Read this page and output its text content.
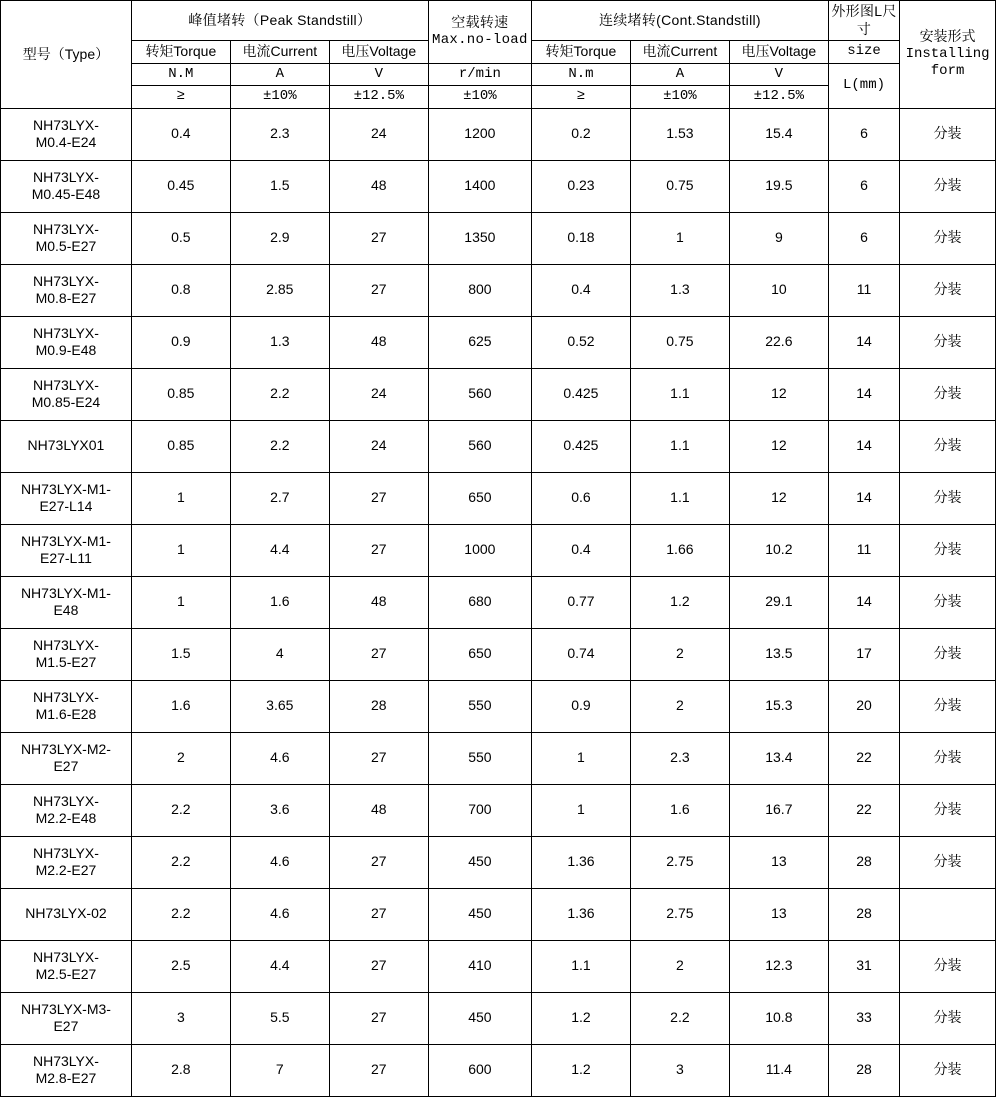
型号（Type）	峰值堵转（Peak Standstill）	空载转速
Max.no-load
	连续堵转(Cont.Standstill)	外形图L尺寸	安装形式
Installing
form

	转矩Torque	电流Current	电压Voltage		转矩Torque	电流Current	电压Voltage	size	
	N.M	A	V	r/min	N.m	A	V	L(mm)	
	≥	±10%	±12.5%	±10%	≥	±10%	±12.5%		

NH73LYX-
M0.4-E24	0.4	2.3	24	1200	0.2	1.53	15.4	6	分装

NH73LYX-
M0.45-E48	0.45	1.5	48	1400	0.23	0.75	19.5	6	分装

NH73LYX-
M0.5-E27	0.5	2.9	27	1350	0.18	1	9	6	分装

NH73LYX-
M0.8-E27	0.8	2.85	27	800	0.4	1.3	10	11	分装

NH73LYX-
M0.9-E48	0.9	1.3	48	625	0.52	0.75	22.6	14	分装

NH73LYX-
M0.85-E24	0.85	2.2	24	560	0.425	1.1	12	14	分装

NH73LYX01	0.85	2.2	24	560	0.425	1.1	12	14	分装

NH73LYX-M1-
E27-L14	1	2.7	27	650	0.6	1.1	12	14	分装

NH73LYX-M1-
E27-L11	1	4.4	27	1000	0.4	1.66	10.2	11	分装

NH73LYX-M1-
E48	1	1.6	48	680	0.77	1.2	29.1	14	分装

NH73LYX-
M1.5-E27	1.5	4	27	650	0.74	2	13.5	17	分装

NH73LYX-
M1.6-E28	1.6	3.65	28	550	0.9	2	15.3	20	分装

NH73LYX-M2-
E27	2	4.6	27	550	1	2.3	13.4	22	分装

NH73LYX-
M2.2-E48	2.2	3.6	48	700	1	1.6	16.7	22	分装

NH73LYX-
M2.2-E27	2.2	4.6	27	450	1.36	2.75	13	28	分装

NH73LYX-02	2.2	4.6	27	450	1.36	2.75	13	28	

NH73LYX-
M2.5-E27	2.5	4.4	27	410	1.1	2	12.3	31	分装

NH73LYX-M3-
E27	3	5.5	27	450	1.2	2.2	10.8	33	分装

NH73LYX-
M2.8-E27	2.8	7	27	600	1.2	3	11.4	28	分装
